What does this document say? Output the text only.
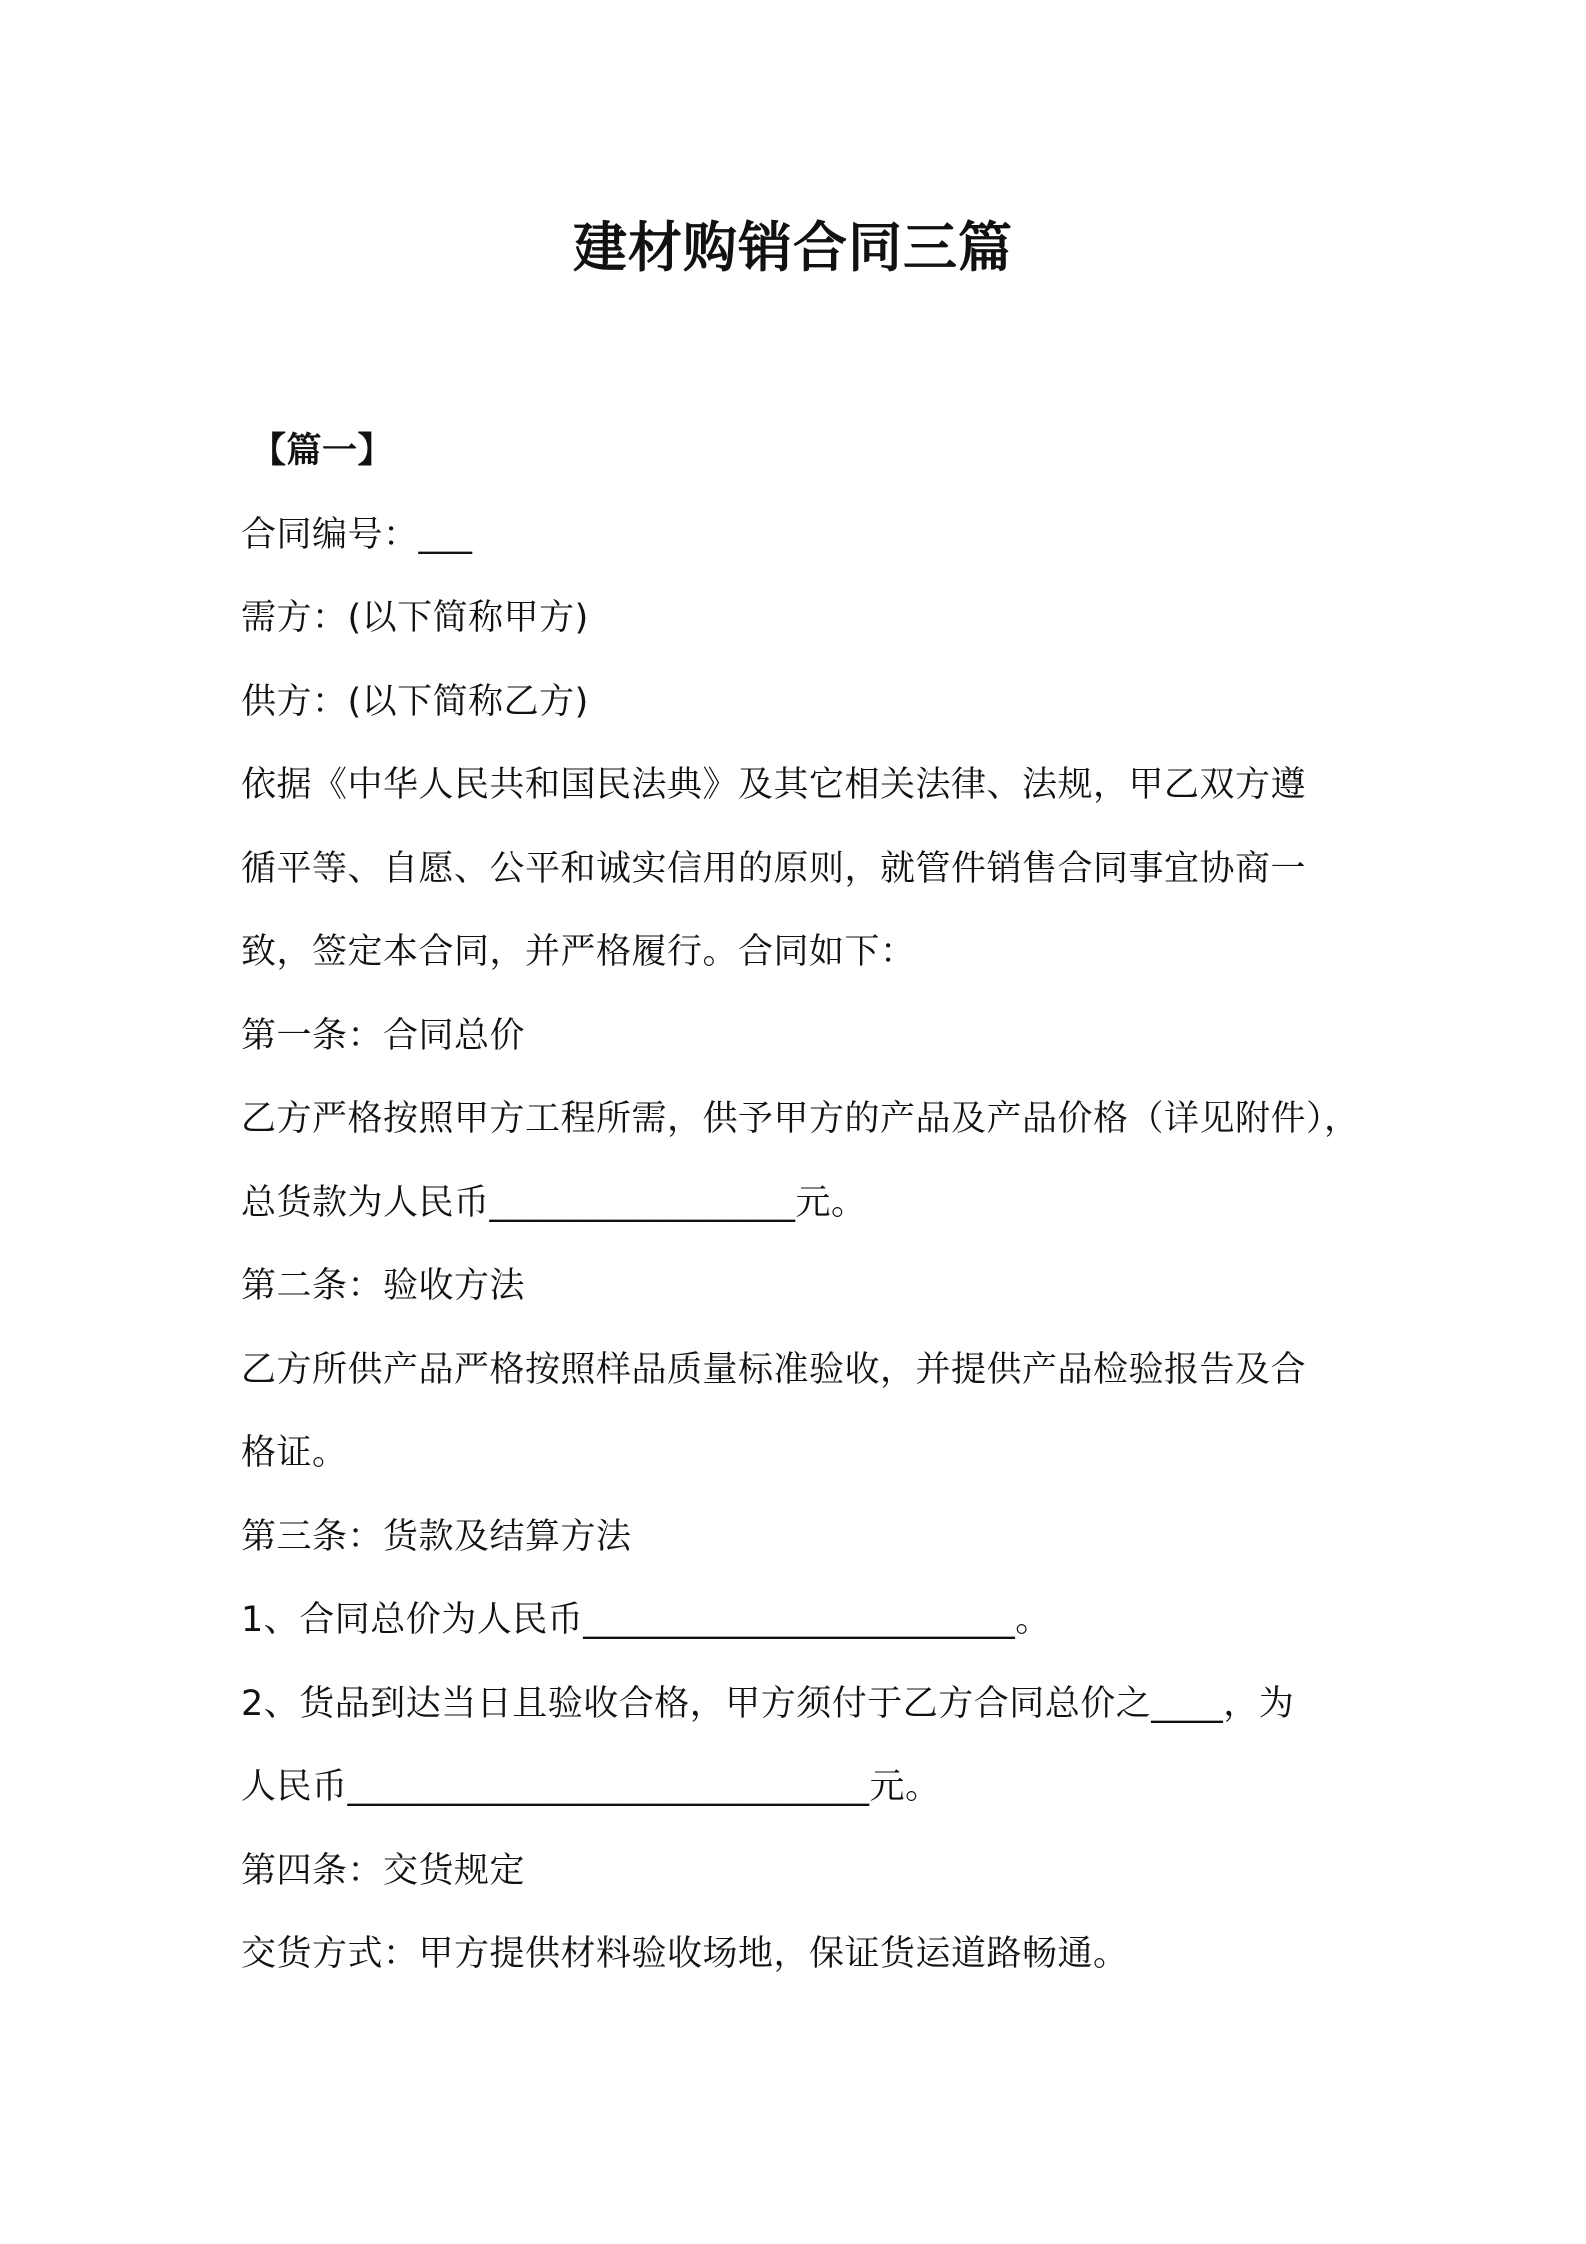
建材购销合同三篇
【篇一】
合同编号：___
需方：(以下简称甲方)
供方：(以下简称乙方)
依据《中华人民共和国民法典》及其它相关法律、法规，甲乙双方遵
循平等、自愿、公平和诚实信用的原则，就管件销售合同事宜协商一
致，签定本合同，并严格履行。合同如下：
第一条：合同总价
乙方严格按照甲方工程所需，供予甲方的产品及产品价格（详见附件），
总货款为人民币_________________元。
第二条：验收方法
乙方所供产品严格按照样品质量标准验收，并提供产品检验报告及合
格证。
第三条：货款及结算方法
1、合同总价为人民币________________________。
2、货品到达当日且验收合格，甲方须付于乙方合同总价之____，为
人民币_____________________________元。
第四条：交货规定
交货方式：甲方提供材料验收场地，保证货运道路畅通。
